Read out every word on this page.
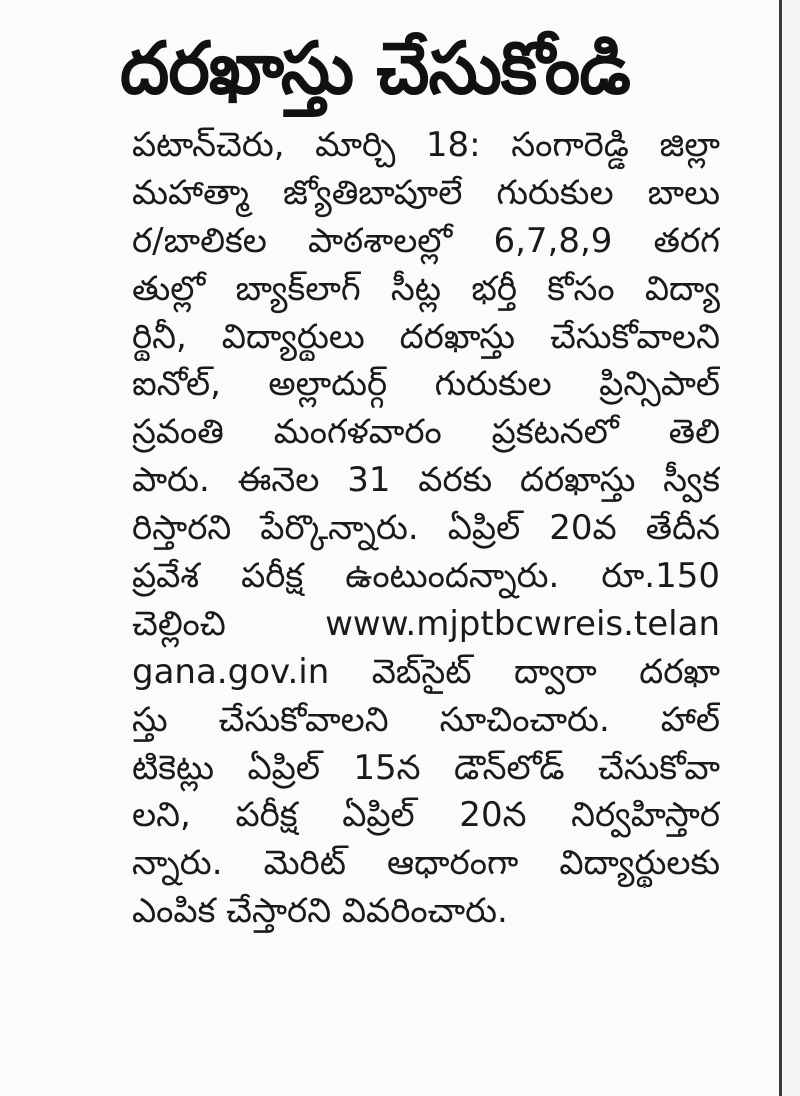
దరఖాస్తు చేసుకోండి
పటాన్‌చెరు, మార్చి 18: సంగారెడ్డి జిల్లా
మహాత్మా జ్యోతిబాపూలే గురుకుల బాలు
ర/బాలికల పాఠశాలల్లో 6,7,8,9 తరగ
తుల్లో బ్యాక్‌లాగ్ సీట్ల భర్తీ కోసం విద్యా
ర్థినీ, విద్యార్థులు దరఖాస్తు చేసుకోవాలని
ఐనోల్, అల్లాదుర్గ్ గురుకుల ప్రిన్సిపాల్
స్రవంతి మంగళవారం ప్రకటనలో తెలి
పారు. ఈనెల 31 వరకు దరఖాస్తు స్వీక
రిస్తారని పేర్కొన్నారు. ఏప్రిల్ 20వ తేదీన
ప్రవేశ పరీక్ష ఉంటుందన్నారు. రూ.150
చెల్లించి www.mjptbcwreis.telan
gana.gov.in వెబ్‌సైట్ ద్వారా దరఖా
స్తు చేసుకోవాలని సూచించారు. హాల్
టికెట్లు ఏప్రిల్ 15న డౌన్‌లోడ్ చేసుకోవా
లని, పరీక్ష ఏప్రిల్ 20న నిర్వహిస్తార
న్నారు. మెరిట్ ఆధారంగా విద్యార్థులకు
ఎంపిక చేస్తారని వివరించారు.
